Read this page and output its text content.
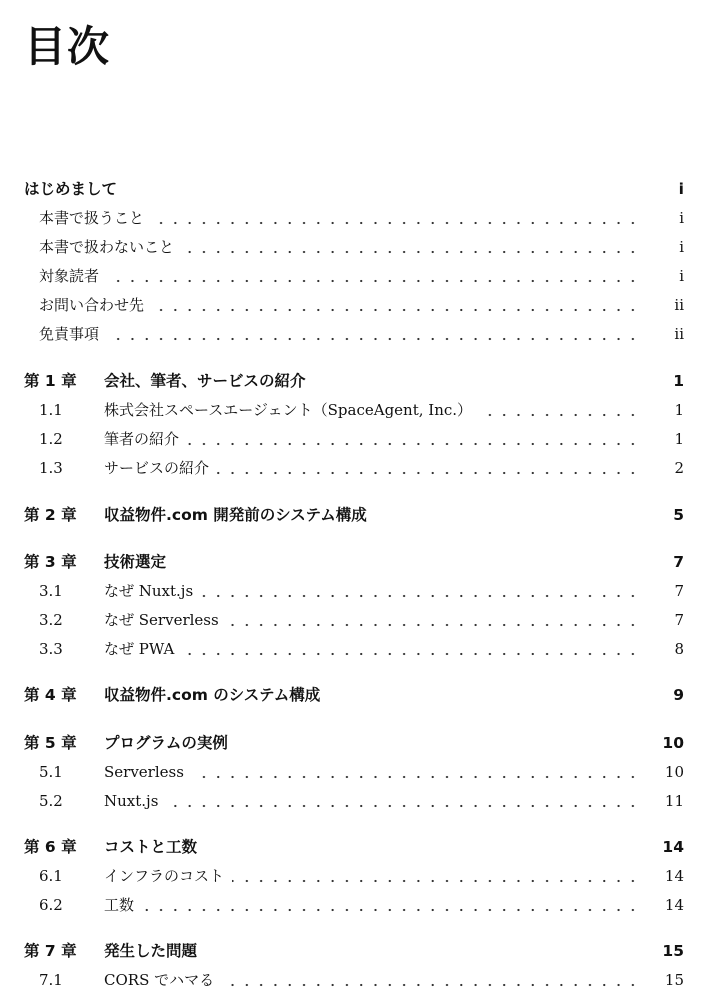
目次
はじめまして	i
本書で扱うこと	i
本書で扱わないこと	i
対象読者	i
お問い合わせ先	ii
免責事項	ii
第 1 章 会社、筆者、サービスの紹介	1
1.1	株式会社スペースエージェント（SpaceAgent, Inc.）	1
1.2	筆者の紹介	1
1.3	サービスの紹介	2
第 2 章 収益物件.com 開発前のシステム構成	5
第 3 章 技術選定	7
3.1	なぜ Nuxt.js	7
3.2	なぜ Serverless	7
3.3	なぜ PWA	8
第 4 章 収益物件.com のシステム構成	9
第 5 章 プログラムの実例	10
5.1	Serverless	10
5.2	Nuxt.js	11
第 6 章 コストと工数	14
6.1	インフラのコスト	14
6.2	工数	14
第 7 章 発生した問題	15
7.1	CORS でハマる	15
